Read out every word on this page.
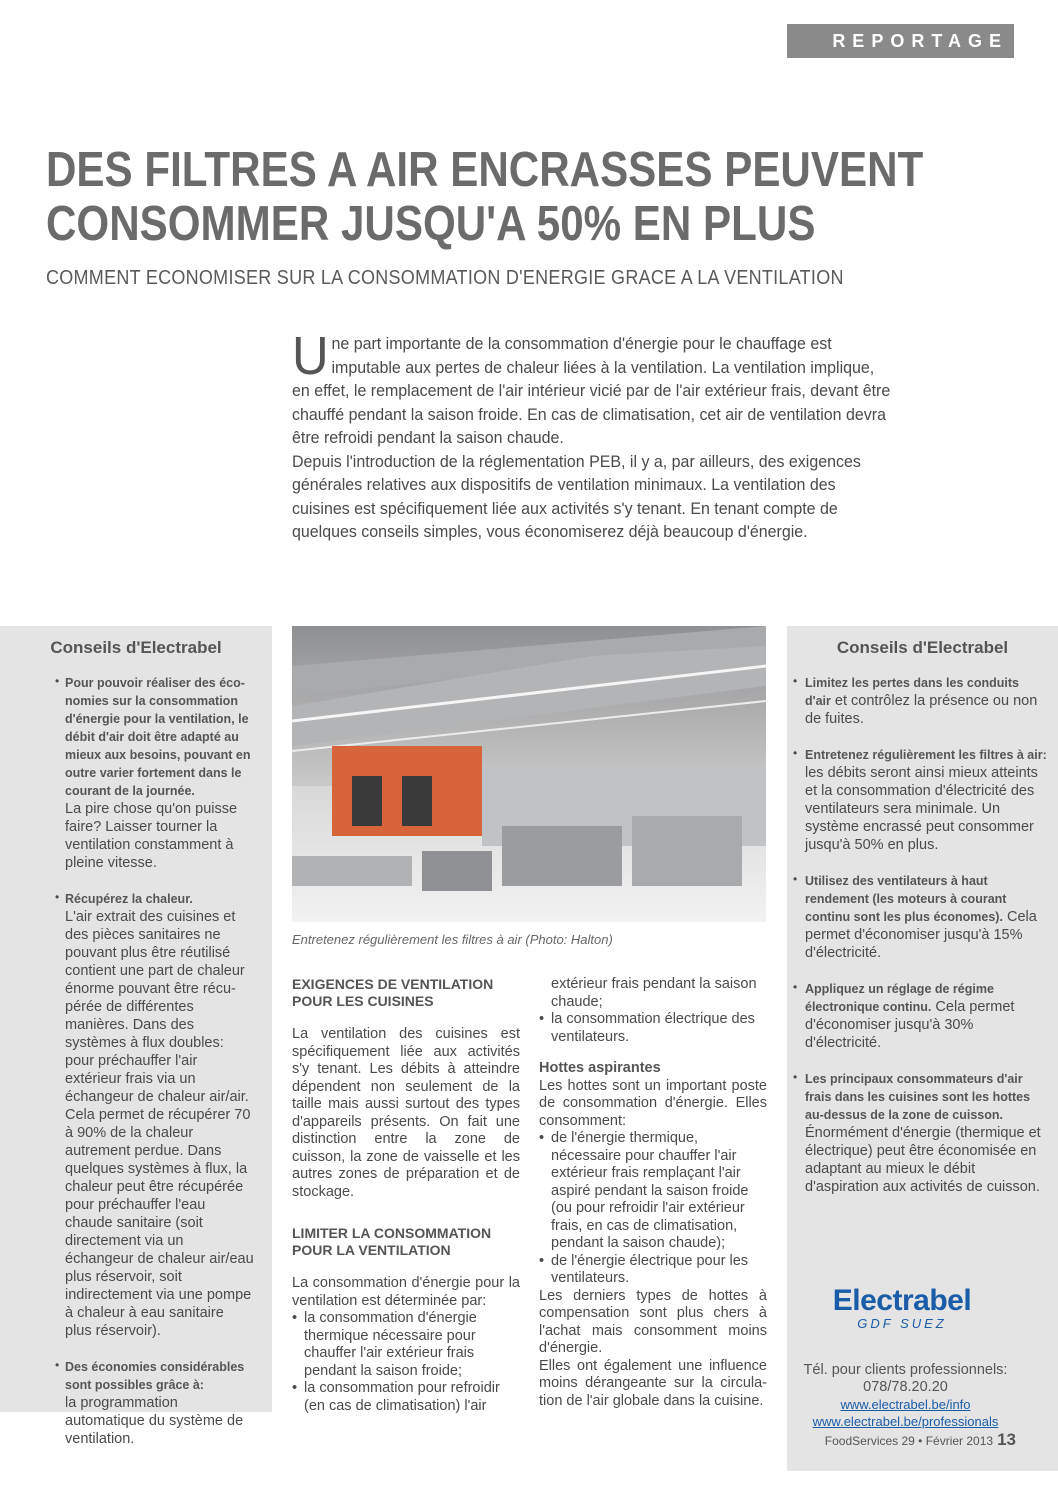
REPORTAGE
DES FILTRES A AIR ENCRASSES PEUVENT
CONSOMMER JUSQU'A 50% EN PLUS
COMMENT ECONOMISER SUR LA CONSOMMATION D'ENERGIE GRACE A LA VENTILATION
U ne part importante de la consommation d'énergie pour le chauffage est imputable aux pertes de chaleur liées à la ventilation. La ventilation implique, en effet, le remplacement de l'air intérieur vicié par de l'air extérieur frais, devant être chauffé pendant la saison froide. En cas de climatisation, cet air de ventilation devra être refroidi pendant la saison chaude.

Depuis l'introduction de la réglementation PEB, il y a, par ailleurs, des exigences générales relatives aux dispositifs de ventilation minimaux. La ventilation des cuisines est spécifiquement liée aux activités s'y tenant. En tenant compte de quelques conseils simples, vous économiserez déjà beaucoup d'énergie.

Conseils d'Electrabel
• Pour pouvoir réaliser des éco-nomies sur la consommation d'énergie pour la ventilation, le débit d'air doit être adapté au mieux aux besoins, pouvant en outre varier fortement dans le courant de la journée.
La pire chose qu'on puisse faire? Laisser tourner la ventilation constamment à pleine vitesse.
• Récupérez la chaleur.
L'air extrait des cuisines et des pièces sanitaires ne pouvant plus être réutilisé contient une part de chaleur énorme pouvant être récu-pérée de différentes manières. Dans des systèmes à flux doubles: pour préchauffer l'air extérieur frais via un échangeur de chaleur air/air. Cela permet de récupérer 70 à 90% de la chaleur autrement perdue. Dans quelques systèmes à flux, la chaleur peut être récupérée pour préchauffer l'eau chaude sanitaire (soit directement via un échangeur de chaleur air/eau plus réservoir, soit indirectement via une pompe à chaleur à eau sanitaire plus réservoir).
• Des économies considérables sont possibles grâce à:
la programmation automatique du système de ventilation.
Entretenez régulièrement les filtres à air (Photo: Halton)
EXIGENCES DE VENTILATION POUR LES CUISINES

La ventilation des cuisines est spécifiquement liée aux activités s'y tenant. Les débits à atteindre dépendent non seulement de la taille mais aussi surtout des types d'appareils présents. On fait une distinction entre la zone de cuisson, la zone de vaisselle et les autres zones de préparation et de stockage.

LIMITER LA CONSOMMATION POUR LA VENTILATION

La consommation d'énergie pour la ventilation est déterminée par:

• la consommation d'énergie thermique nécessaire pour chauffer l'air extérieur frais pendant la saison froide;
• la consommation pour refroidir (en cas de climatisation) l'air
extérieur frais pendant la saison chaude;
• la consommation électrique des ventilateurs.
Hottes aspirantes

Les hottes sont un important poste de consommation d'énergie. Elles consomment:

• de l'énergie thermique, nécessaire pour chauffer l'air extérieur frais remplaçant l'air aspiré pendant la saison froide (ou pour refroidir l'air extérieur frais, en cas de climatisation, pendant la saison chaude);
• de l'énergie électrique pour les ventilateurs.

Les derniers types de hottes à compensation sont plus chers à l'achat mais consomment moins d'énergie.

Elles ont également une influence moins dérangeante sur la circula-tion de l'air globale dans la cuisine.

Conseils d'Electrabel
• Limitez les pertes dans les conduits d'air et contrôlez la présence ou non de fuites.
• Entretenez régulièrement les filtres à air: les débits seront ainsi mieux atteints et la consommation d'électricité des ventilateurs sera minimale. Un système encrassé peut consommer jusqu'à 50% en plus.
• Utilisez des ventilateurs à haut rendement (les moteurs à courant continu sont les plus économes). Cela permet d'économiser jusqu'à 15% d'électricité.
• Appliquez un réglage de régime électronique continu. Cela permet d'économiser jusqu'à 30% d'électricité.
• Les principaux consommateurs d'air frais dans les cuisines sont les hottes au-dessus de la zone de cuisson. Énormément d'énergie (thermique et électrique) peut être économisée en adaptant au mieux le débit d'aspiration aux activités de cuisson.
Electrabel
GDF SUEZ
Tél. pour clients professionnels:
078/78.20.20
www.electrabel.be/info
www.electrabel.be/professionals
FoodServices 29 • Février 2013 13
